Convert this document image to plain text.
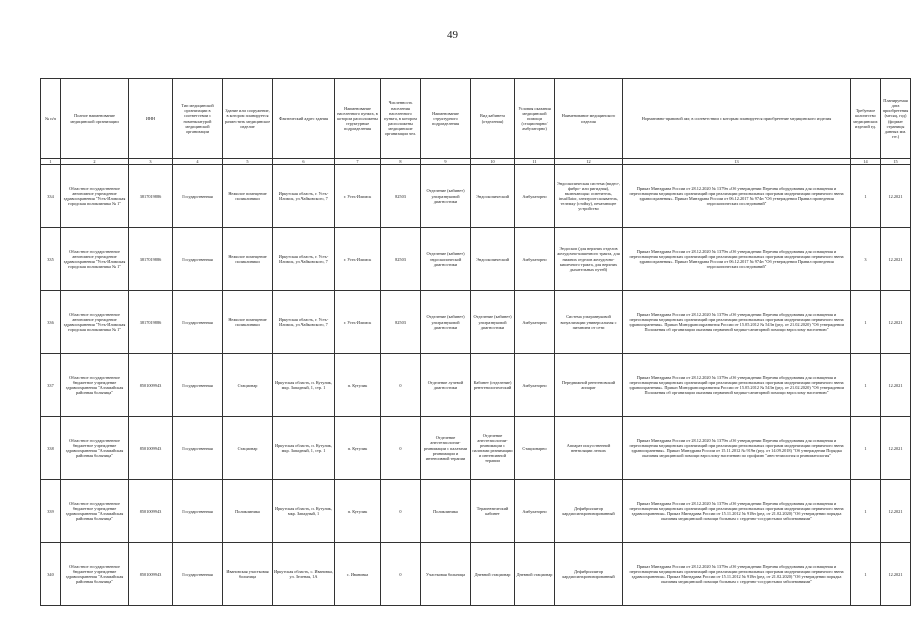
49
№ п/п	Полное наименование медицинской организации	ИНН	Тип медицинской организации в соответствии с номенклатурой медицинской организации	Здание или сооружение, в котором планируется разместить медицинское изделие	Фактический адрес здания	Наименование населенного пункта, в котором расположены структурные подразделения	Численность населения населенного пункта, в котором расположены медицинские организации чел.	Наименование структурного подразделения	Вид кабинета (отделения)	Условия оказания медицинской помощи (стационарно/амбулаторно)	Наименование медицинского изделия	Нормативно-правовой акт, в соответствии с которым планируется приобретение медицинского изделия	Требуемое количество медицинских изделий ед.	Планируемая дата приобретения (месяц, год) (формат страницы данных мм. ггг.)
1	2	3	4	5	6	7	8	9	10	11	12	13	14	15
334	Областное государственное автономное учреждение здравоохранения "Усть-Илимская городская поликлиника № 1"	3817019886	Государственная	Нежилое помещение поликлиники	Иркутская область, г. Усть-Илимск, ул.Чайковского, 7	г. Усть-Илимск	82503	Отделение (кабинет) ультразвуковой диагностики	Эндоскопический	Амбулаторно	Эндоскопическая система (видео-, фибро- или ригидная), включающая: осветитель, insufflator, электроотсасыватель, тележку (стойку), печатающее устройство	Приказ Минздрава России от 28.12.2020 № 1379н «Об утверждении Перечня оборудования для оснащения и переоснащения медицинских организаций при реализации региональных программ модернизации первичного звена здравоохранения». Приказ Минздрава России от 06.12.2017 № 974н "Об утверждении Правил проведения эндоскопических исследований"	1	12.2021
335	Областное государственное автономное учреждение здравоохранения "Усть-Илимская городская поликлиника № 1"	3817019886	Государственная	Нежилое помещение поликлиники	Иркутская область, г. Усть-Илимск, ул.Чайковского, 7	г. Усть-Илимск	82503	Отделение (кабинет) эндоскопической диагностики	Эндоскопический	Амбулаторно	Эндоскоп (для верхних отделов желудочно-кишечного тракта, для нижних отделов желудочно-кишечного тракта, для верхних дыхательных путей)	Приказ Минздрава России от 28.12.2020 № 1379н «Об утверждении Перечня оборудования для оснащения и переоснащения медицинских организаций при реализации региональных программ модернизации первичного звена здравоохранения». Приказ Минздрава России от 06.12.2017 № 974н "Об утверждении Правил проведения эндоскопических исследований"	3	12.2021
336	Областное государственное автономное учреждение здравоохранения "Усть-Илимская городская поликлиника № 1"	3817019886	Государственная	Нежилое помещение поликлиники	Иркутская область, г. Усть-Илимск, ул.Чайковского, 7	г. Усть-Илимск	82503	Отделение (кабинет) ультразвуковой диагностики	Отделение (кабинет) ультразвуковой диагностики	Амбулаторно	Система ультразвуковой визуализации универсальная с питанием от сети	Приказ Минздрава России от 28.12.2020 № 1379н «Об утверждении Перечня оборудования для оснащения и переоснащения медицинских организаций при реализации региональных программ модернизации первичного звена здравоохранения». Приказ Минздравсоцразвития России от 15.05.2012 № 543н (ред. от 21.02.2020) "Об утверждении Положения об организации оказания первичной медико-санитарной помощи взрослому населению"	1	12.2021
337	Областное государственное бюджетное учреждение здравоохранения "Алзамайская районная больница"	8501009943	Государственная	Стационар	Иркутская область, п. Кутулик, мкр. Западный, 1, стр. 1	п. Кутулик	0	Отделение лучевой диагностики	Кабинет (отделение) рентгенологический	Амбулаторно	Передвижной рентгеновский аппарат	Приказ Минздрава России от 28.12.2020 № 1379н «Об утверждении Перечня оборудования для оснащения и переоснащения медицинских организаций при реализации региональных программ модернизации первичного звена здравоохранения». Приказ Минздравсоцразвития России от 15.05.2012 № 543н (ред. от 21.02.2020) "Об утверждении Положения об организации оказания первичной медико-санитарной помощи взрослому населению"	1	12.2021
338	Областное государственное бюджетное учреждение здравоохранения "Алзамайская районная больница"	8501009943	Государственная	Стационар	Иркутская область, п. Кутулик, мкр. Западный, 1, стр. 1	п. Кутулик	0	Отделение анестезиологии-реанимации с палатами реанимации и интенсивной терапии	Отделение анестезиологии-реанимации с палатами реанимации и интенсивной терапии	Стационарно	Аппарат искусственной вентиляции легких	Приказ Минздрава России от 28.12.2020 № 1379н «Об утверждении Перечня оборудования для оснащения и переоснащения медицинских организаций при реализации региональных программ модернизации первичного звена здравоохранения». Приказ Минздрава России от 15.11.2012 № 919н (ред. от 14.09.2018) "Об утверждении Порядка оказания медицинской помощи взрослому населению по профилю "анестезиология и реаниматология"	1	12.2021
339	Областное государственное бюджетное учреждение здравоохранения "Алзамайская районная больница"	8501009943	Государственная	Поликлиника	Иркутская область, п. Кутулик, мкр. Западный, 1	п. Кутулик	0	Поликлиника	Терапевтический кабинет	Амбулаторно	Дефибриллятор кардиосинхронизированный	Приказ Минздрава России от 28.12.2020 № 1379н «Об утверждении Перечня оборудования для оснащения и переоснащения медицинских организаций при реализации региональных программ модернизации первичного звена здравоохранения». Приказ Минздрава России от 15.11.2012 № 918н (ред. от 21.02.2020) "Об утверждении порядка оказания медицинской помощи больным с сердечно-сосудистыми заболеваниями"	1	12.2021
340	Областное государственное бюджетное учреждение здравоохранения "Алзамайская районная больница"	8501009943	Государственная	Ивановская участковая больница	Иркутская область, с. Ивановка, ул. Зеленая, 1А	с. Ивановка	0	Участковая больница	Дневной стационар	Дневной стационар	Дефибриллятор кардиосинхронизированный	Приказ Минздрава России от 28.12.2020 № 1379н «Об утверждении Перечня оборудования для оснащения и переоснащения медицинских организаций при реализации региональных программ модернизации первичного звена здравоохранения». Приказ Минздрава России от 15.11.2012 № 918н (ред. от 21.02.2020) "Об утверждении порядка оказания медицинской помощи больным с сердечно-сосудистыми заболеваниями"	1	12.2021
